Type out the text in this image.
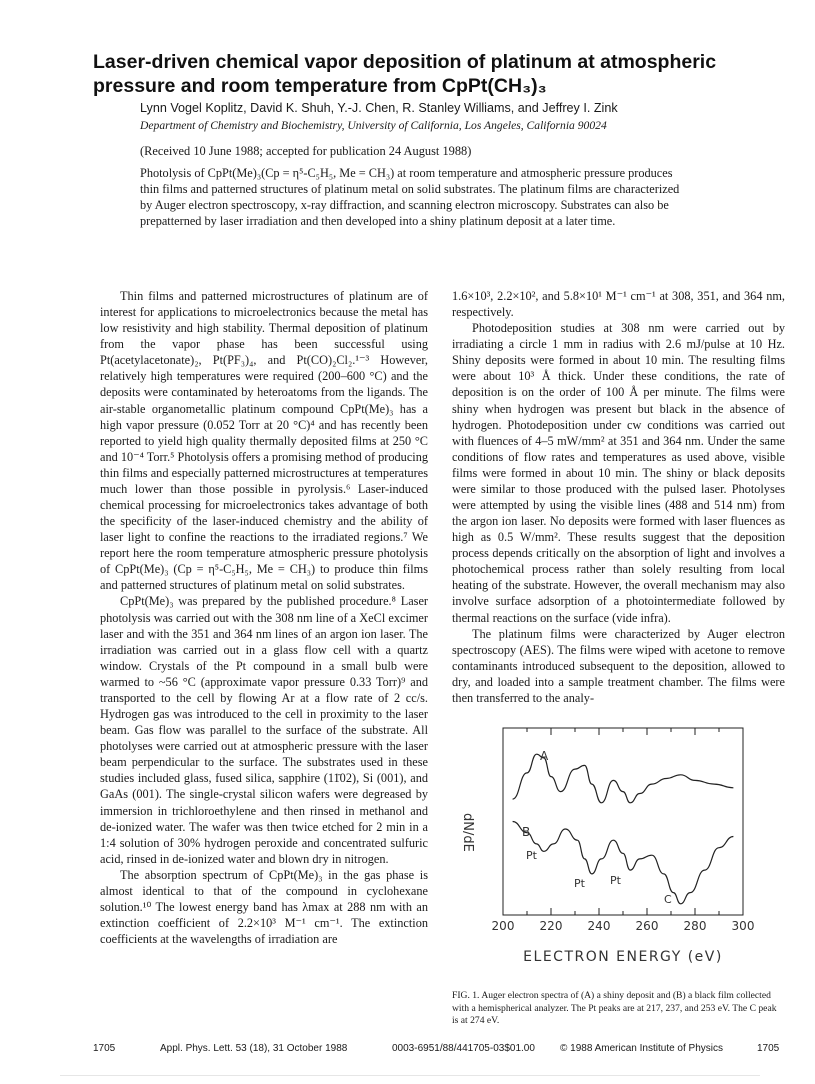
Laser-driven chemical vapor deposition of platinum at atmospheric pressure and room temperature from CpPt(CH₃)₃
Lynn Vogel Koplitz, David K. Shuh, Y.-J. Chen, R. Stanley Williams, and Jeffrey I. Zink
Department of Chemistry and Biochemistry, University of California, Los Angeles, California 90024
(Received 10 June 1988; accepted for publication 24 August 1988)
Photolysis of CpPt(Me)₃(Cp = η⁵-C₅H₅, Me = CH₃) at room temperature and atmospheric pressure produces thin films and patterned structures of platinum metal on solid substrates. The platinum films are characterized by Auger electron spectroscopy, x-ray diffraction, and scanning electron microscopy. Substrates can also be prepatterned by laser irradiation and then developed into a shiny platinum deposit at a later time.

Thin films and patterned microstructures of platinum are of interest for applications to microelectronics because the metal has low resistivity and high stability. Thermal deposition of platinum from the vapor phase has been successful using Pt(acetylacetonate)₂, Pt(PF₃)₄, and Pt(CO)₂Cl₂.¹⁻³ However, relatively high temperatures were required (200–600 °C) and the deposits were contaminated by heteroatoms from the ligands. The air-stable organometallic platinum compound CpPt(Me)₃ has a high vapor pressure (0.052 Torr at 20 °C)⁴ and has recently been reported to yield high quality thermally deposited films at 250 °C and 10⁻⁴ Torr.⁵ Photolysis offers a promising method of producing thin films and especially patterned microstructures at temperatures much lower than those possible in pyrolysis.⁶ Laser-induced chemical processing for microelectronics takes advantage of both the specificity of the laser-induced chemistry and the ability of laser light to confine the reactions to the irradiated regions.⁷ We report here the room temperature atmospheric pressure photolysis of CpPt(Me)₃ (Cp = η⁵-C₅H₅, Me = CH₃) to produce thin films and patterned structures of platinum metal on solid substrates.

CpPt(Me)₃ was prepared by the published procedure.⁸ Laser photolysis was carried out with the 308 nm line of a XeCl excimer laser and with the 351 and 364 nm lines of an argon ion laser. The irradiation was carried out in a glass flow cell with a quartz window. Crystals of the Pt compound in a small bulb were warmed to ~56 °C (approximate vapor pressure 0.33 Torr)⁹ and transported to the cell by flowing Ar at a flow rate of 2 cc/s. Hydrogen gas was introduced to the cell in proximity to the laser beam. Gas flow was parallel to the surface of the substrate. All photolyses were carried out at atmospheric pressure with the laser beam perpendicular to the surface. The substrates used in these studies included glass, fused silica, sapphire (11̄02), Si (001), and GaAs (001). The single-crystal silicon wafers were degreased by immersion in trichloroethylene and then rinsed in methanol and de-ionized water. The wafer was then twice etched for 2 min in a 1:4 solution of 30% hydrogen peroxide and concentrated sulfuric acid, rinsed in de-ionized water and blown dry in nitrogen.

The absorption spectrum of CpPt(Me)₃ in the gas phase is almost identical to that of the compound in cyclohexane solution.¹⁰ The lowest energy band has λmax at 288 nm with an extinction coefficient of 2.2×10³ M⁻¹ cm⁻¹. The extinction coefficients at the wavelengths of irradiation are

1.6×10³, 2.2×10², and 5.8×10¹ M⁻¹ cm⁻¹ at 308, 351, and 364 nm, respectively.

Photodeposition studies at 308 nm were carried out by irradiating a circle 1 mm in radius with 2.6 mJ/pulse at 10 Hz. Shiny deposits were formed in about 10 min. The resulting films were about 10³ Å thick. Under these conditions, the rate of deposition is on the order of 100 Å per minute. The films were shiny when hydrogen was present but black in the absence of hydrogen. Photodeposition under cw conditions was carried out with fluences of 4–5 mW/mm² at 351 and 364 nm. Under the same conditions of flow rates and temperatures as used above, visible films were formed in about 10 min. The shiny or black deposits were similar to those produced with the pulsed laser. Photolyses were attempted by using the visible lines (488 and 514 nm) from the argon ion laser. No deposits were formed with laser fluences as high as 0.5 W/mm². These results suggest that the deposition process depends critically on the absorption of light and involves a photochemical process rather than solely resulting from local heating of the substrate. However, the overall mechanism may also involve surface adsorption of a photointermediate followed by thermal reactions on the surface (vide infra).

The platinum films were characterized by Auger electron spectroscopy (AES). The films were wiped with acetone to remove contaminants introduced subsequent to the deposition, allowed to dry, and loaded into a sample treatment chamber. The films were then transferred to the analy-

200 220 240 260 280 300
dN/dE
ELECTRON ENERGY (eV)
A
B
Pt
Pt Pt
C
FIG. 1. Auger electron spectra of (A) a shiny deposit and (B) a black film collected with a hemispherical analyzer. The Pt peaks are at 217, 237, and 253 eV. The C peak is at 274 eV.
1705	Appl. Phys. Lett. 53 (18), 31 October 1988	0003-6951/88/441705-03$01.00	© 1988 American Institute of Physics	1705
